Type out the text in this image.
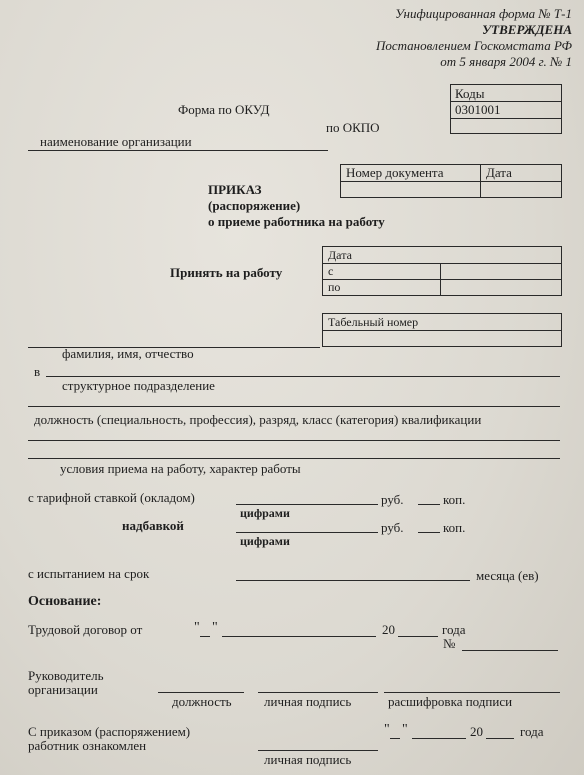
Унифицированная форма № Т-1
УТВЕРЖДЕНА
Постановлением Госкомстата РФ
от 5 января 2004 г. № 1
Коды
0301001
Форма по ОКУД
по ОКПО
наименование организации
Номер документа	Дата
ПРИКАЗ
(распоряжение)
о приеме работника на работу
Дата
с
по
Принять на работу
Табельный номер
фамилия, имя, отчество
в
структурное подразделение
должность (специальность, профессия), разряд, класс (категория) квалификации
условия приема на работу, характер работы
с тарифной ставкой (окладом)	руб.	коп.
цифрами
надбавкой	руб.	коп.
цифрами
с испытанием на срок	месяца (ев)
Основание:
Трудовой договор от	" "	20	года
№
Руководитель
организации
должность личная подпись	расшифровка подписи
С приказом (распоряжением)
работник ознакомлен
личная подпись
" "	20	года
